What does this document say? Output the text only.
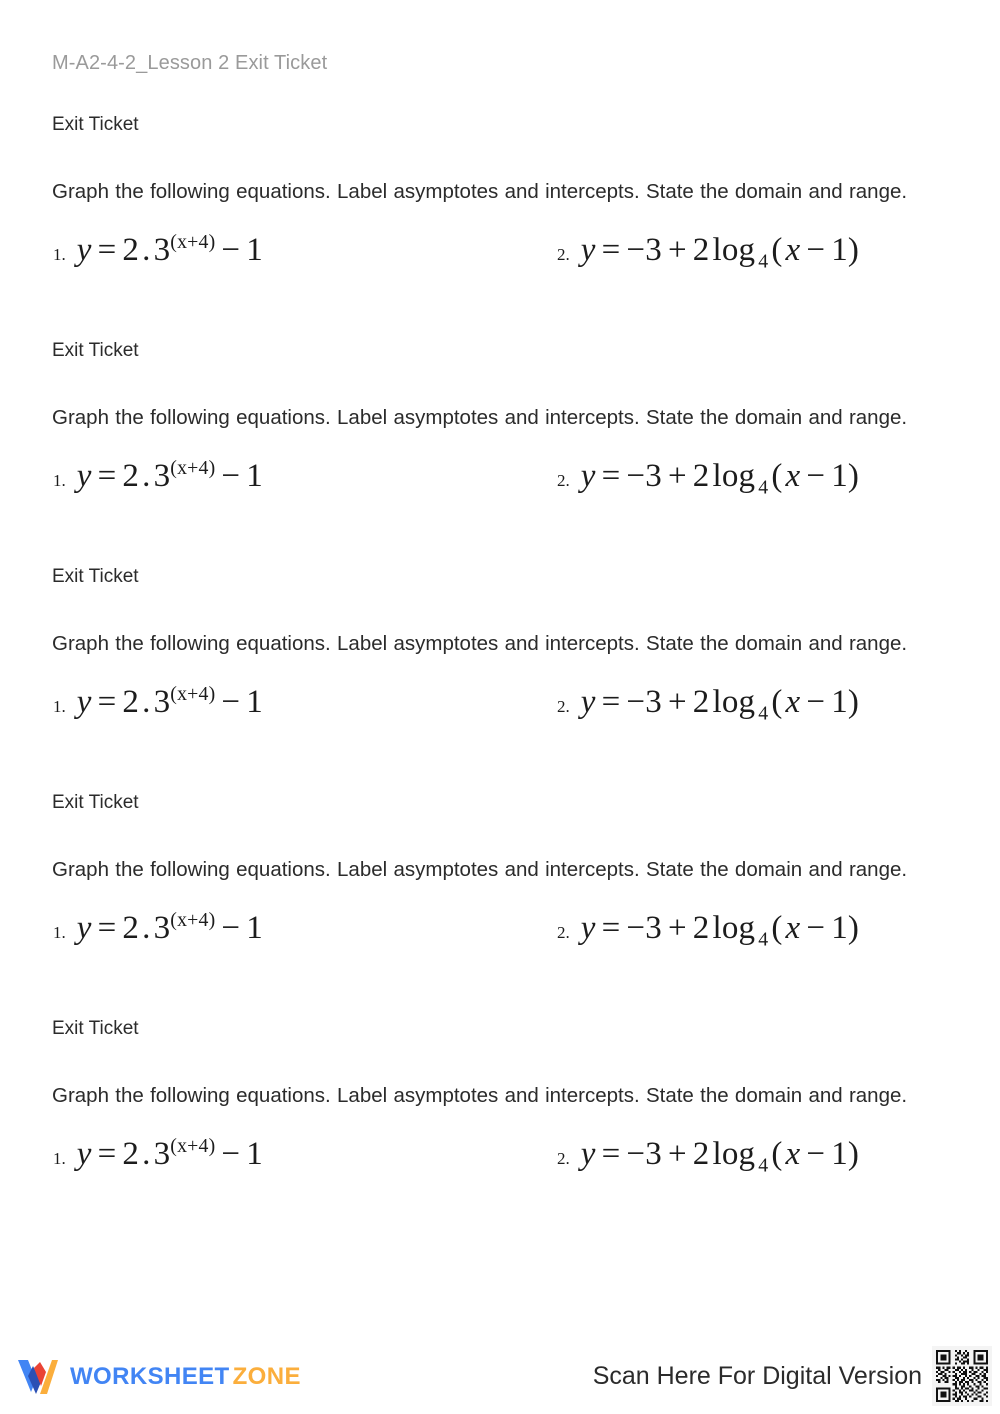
M-A2-4-2_Lesson 2 Exit Ticket
Exit Ticket
Graph the following equations. Label asymptotes and intercepts. State the domain and range.
1. $y = 2.3^{(x+4)} - 1$	2. y = −3 + 2log $_4$(x − 1)
Exit Ticket
Graph the following equations. Label asymptotes and intercepts. State the domain and range.
1. $y = 2.3^{(x+4)} - 1$	2. y = −3 + 2log $_4$(x − 1)
Exit Ticket
Graph the following equations. Label asymptotes and intercepts. State the domain and range.
1. $y = 2.3^{(x+4)} - 1$	2. y = −3 + 2log $_4$(x − 1)
Exit Ticket
Graph the following equations. Label asymptotes and intercepts. State the domain and range.
1. $y = 2.3^{(x+4)} - 1$	2. y = −3 + 2log $_4$(x − 1)
Exit Ticket
Graph the following equations. Label asymptotes and intercepts. State the domain and range.
1. $y = 2.3^{(x+4)} - 1$	2. y = −3 + 2log $_4$(x − 1)
WORKSHEET ZONE	Scan Here For Digital Version
